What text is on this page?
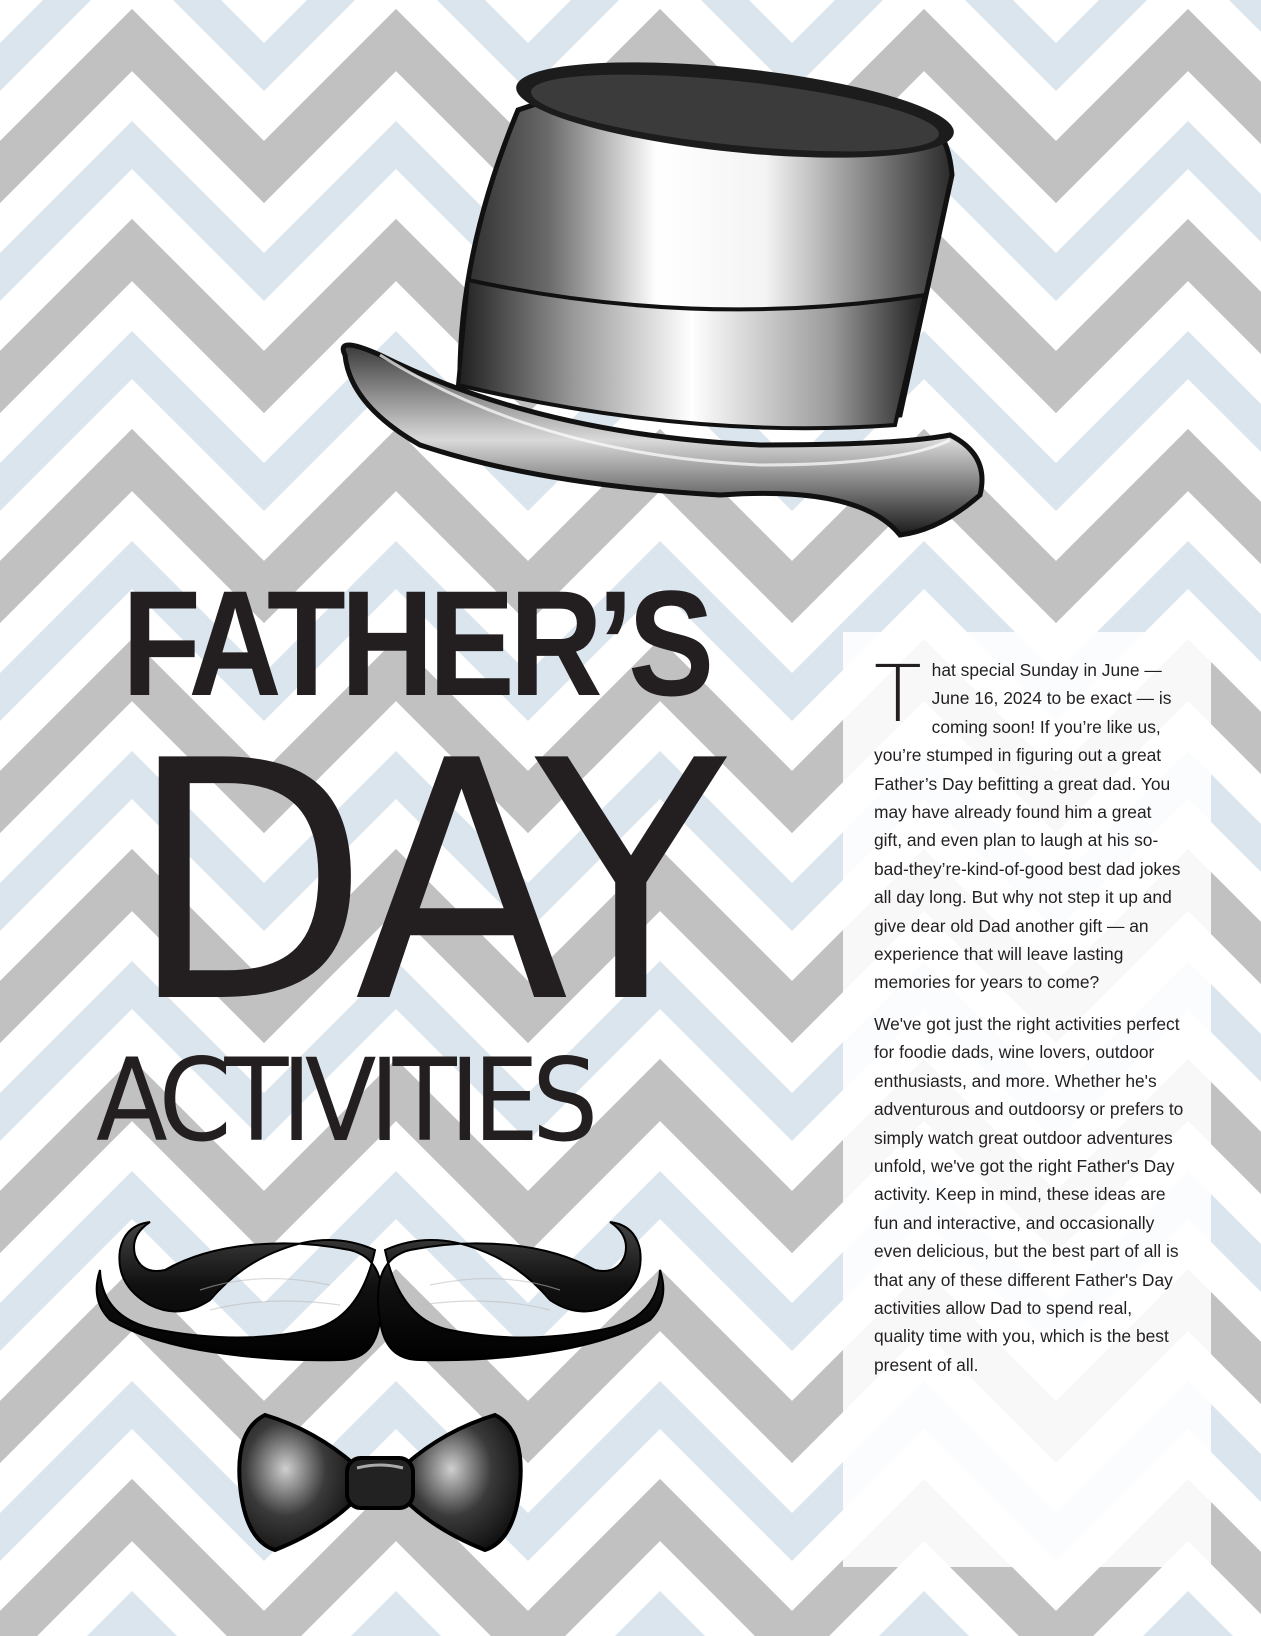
FATHER’S
DAY
ACTIVITIES

That special Sunday in June — June 16, 2024 to be exact — is coming soon! If you’re like us, you’re stumped in figuring out a great Father’s Day befitting a great dad. You may have already found him a great gift, and even plan to laugh at his so-bad-they’re-kind-of-good best dad jokes all day long. But why not step it up and give dear old Dad another gift — an experience that will leave lasting memories for years to come?

We've got just the right activities perfect for foodie dads, wine lovers, outdoor enthusiasts, and more. Whether he's adventurous and outdoorsy or prefers to simply watch great outdoor adventures unfold, we've got the right Father's Day activity. Keep in mind, these ideas are fun and interactive, and occasionally even delicious, but the best part of all is that any of these different Father's Day activities allow Dad to spend real, quality time with you, which is the best present of all.
